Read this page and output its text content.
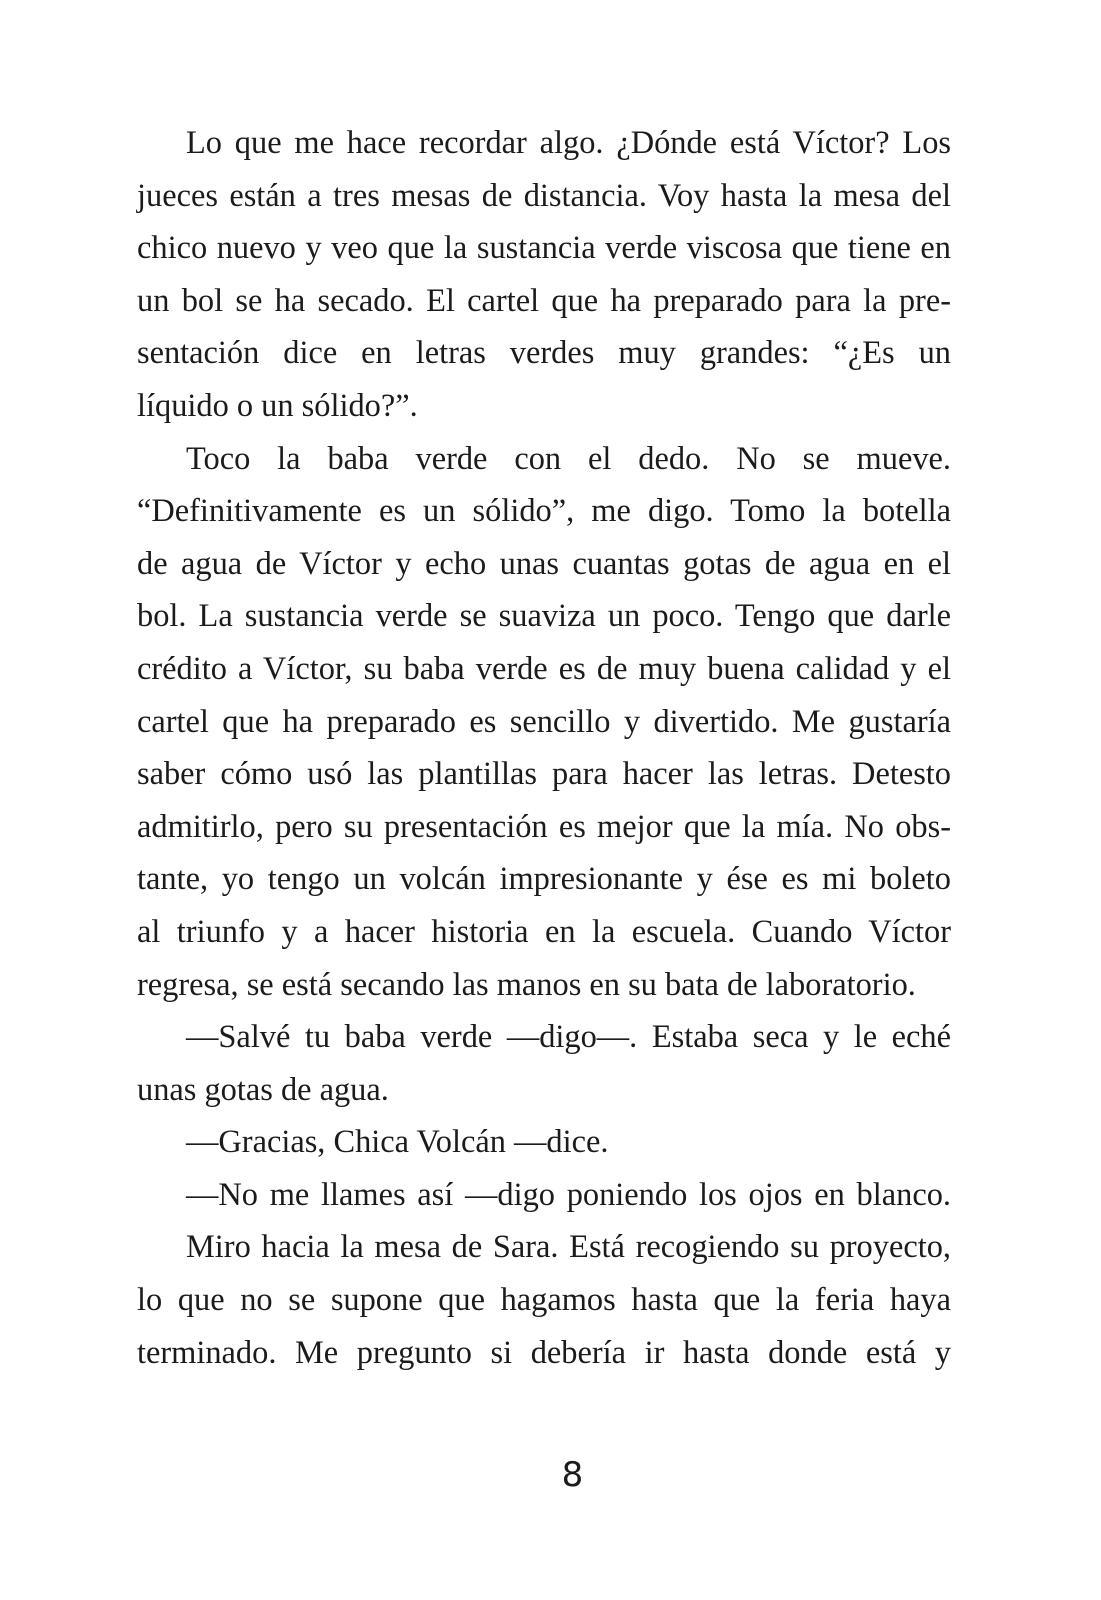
Lo que me hace recordar algo. ¿Dónde está Víctor? Los
jueces están a tres mesas de distancia. Voy hasta la mesa del
chico nuevo y veo que la sustancia verde viscosa que tiene en
un bol se ha secado. El cartel que ha preparado para la pre-
sentación dice en letras verdes muy grandes: “¿Es un
líquido o un sólido?”.
Toco la baba verde con el dedo. No se mueve.
“Definitivamente es un sólido”, me digo. Tomo la botella
de agua de Víctor y echo unas cuantas gotas de agua en el
bol. La sustancia verde se suaviza un poco. Tengo que darle
crédito a Víctor, su baba verde es de muy buena calidad y el
cartel que ha preparado es sencillo y divertido. Me gustaría
saber cómo usó las plantillas para hacer las letras. Detesto
admitirlo, pero su presentación es mejor que la mía. No obs-
tante, yo tengo un volcán impresionante y ése es mi boleto
al triunfo y a hacer historia en la escuela. Cuando Víctor
regresa, se está secando las manos en su bata de laboratorio.
—Salvé tu baba verde —digo—. Estaba seca y le eché
unas gotas de agua.
—Gracias, Chica Volcán —dice.
—No me llames así —digo poniendo los ojos en blanco.
Miro hacia la mesa de Sara. Está recogiendo su proyecto,
lo que no se supone que hagamos hasta que la feria haya
terminado. Me pregunto si debería ir hasta donde está y
8
